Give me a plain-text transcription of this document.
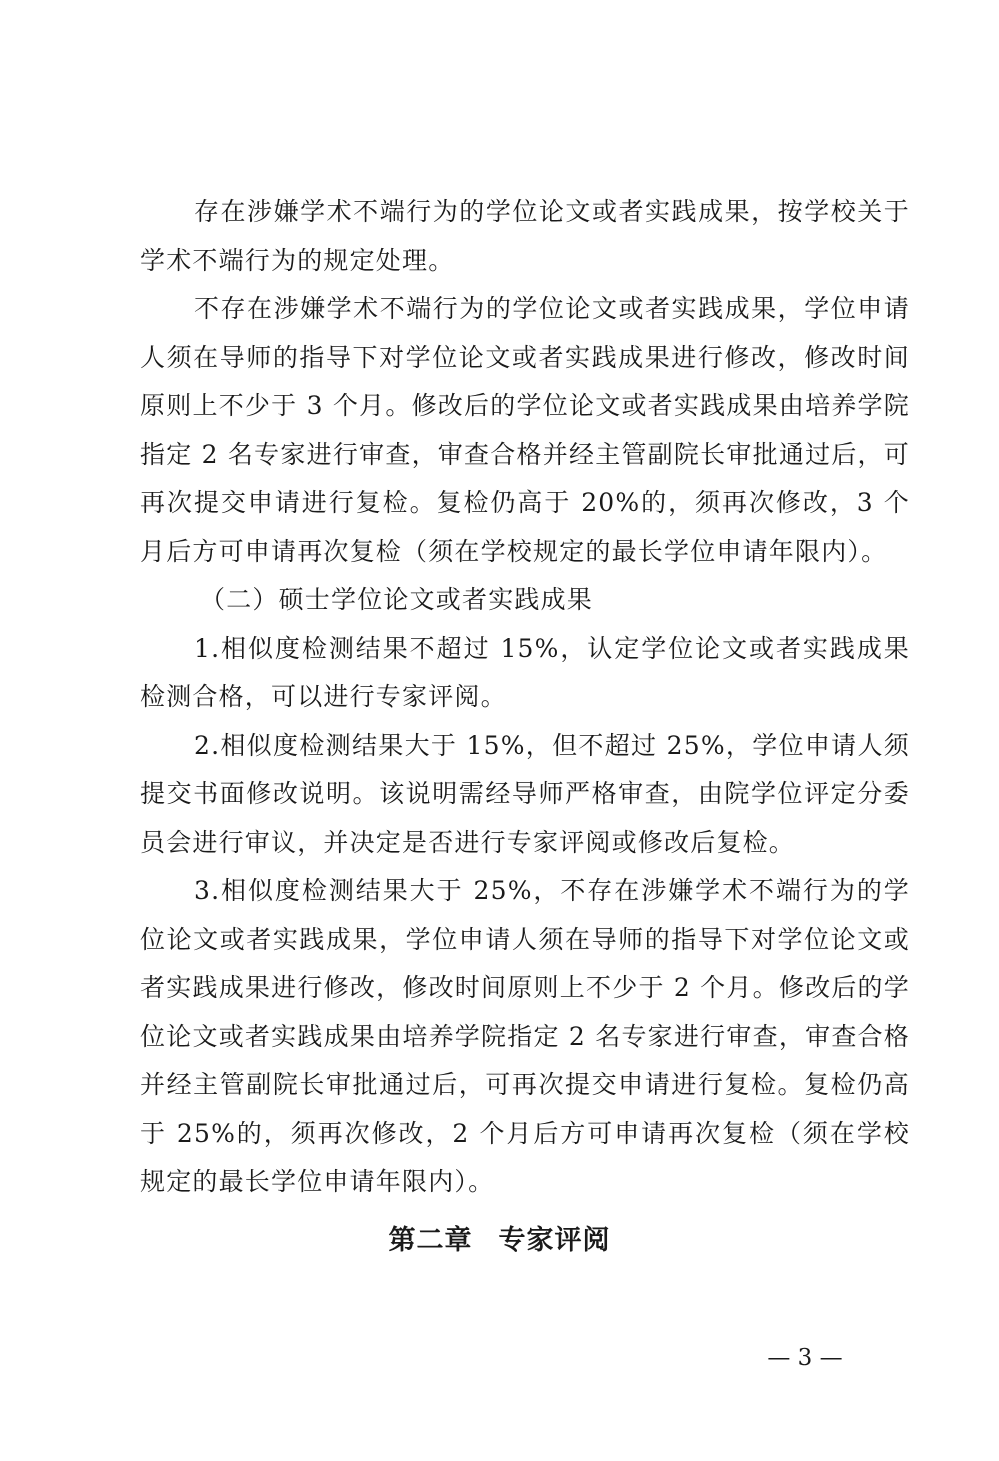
存在涉嫌学术不端行为的学位论文或者实践成果，按学校关于学术不端行为的规定处理。

不存在涉嫌学术不端行为的学位论文或者实践成果，学位申请人须在导师的指导下对学位论文或者实践成果进行修改，修改时间原则上不少于 3 个月。修改后的学位论文或者实践成果由培养学院指定 2 名专家进行审查，审查合格并经主管副院长审批通过后，可再次提交申请进行复检。复检仍高于 20%的，须再次修改，3 个月后方可申请再次复检（须在学校规定的最长学位申请年限内）。

（二）硕士学位论文或者实践成果

1.相似度检测结果不超过 15%，认定学位论文或者实践成果检测合格，可以进行专家评阅。

2.相似度检测结果大于 15%，但不超过 25%，学位申请人须提交书面修改说明。该说明需经导师严格审查，由院学位评定分委员会进行审议，并决定是否进行专家评阅或修改后复检。

3.相似度检测结果大于 25%，不存在涉嫌学术不端行为的学位论文或者实践成果，学位申请人须在导师的指导下对学位论文或者实践成果进行修改，修改时间原则上不少于 2 个月。修改后的学位论文或者实践成果由培养学院指定 2 名专家进行审查，审查合格并经主管副院长审批通过后，可再次提交申请进行复检。复检仍高于 25%的，须再次修改，2 个月后方可申请再次复检（须在学校规定的最长学位申请年限内）。

第二章 专家评阅
— 3 —
